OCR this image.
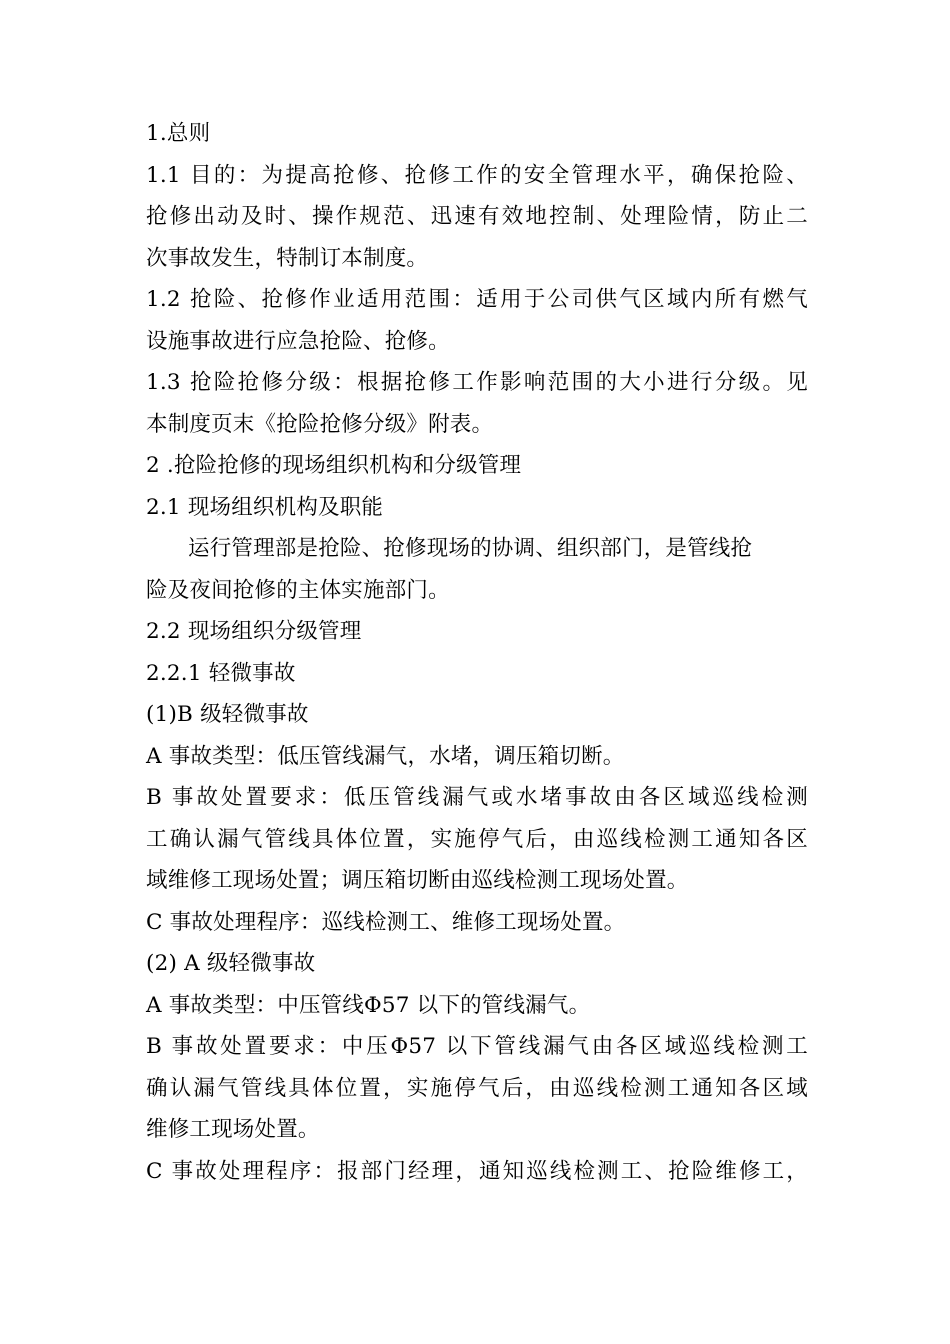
1.总则
1.1 目的：为提高抢修、抢修工作的安全管理水平，确保抢险、
抢修出动及时、操作规范、迅速有效地控制、处理险情，防止二
次事故发生，特制订本制度。
1.2 抢险、抢修作业适用范围：适用于公司供气区域内所有燃气
设施事故进行应急抢险、抢修。
1.3 抢险抢修分级：根据抢修工作影响范围的大小进行分级。见
本制度页末《抢险抢修分级》附表。
2 .抢险抢修的现场组织机构和分级管理
2.1 现场组织机构及职能
运行管理部是抢险、抢修现场的协调、组织部门，是管线抢
险及夜间抢修的主体实施部门。
2.2 现场组织分级管理
2.2.1 轻微事故
(1)B 级轻微事故
A 事故类型：低压管线漏气，水堵，调压箱切断。
B 事故处置要求：低压管线漏气或水堵事故由各区域巡线检测
工确认漏气管线具体位置，实施停气后，由巡线检测工通知各区
域维修工现场处置；调压箱切断由巡线检测工现场处置。
C 事故处理程序：巡线检测工、维修工现场处置。
(2) A 级轻微事故
A 事故类型：中压管线Φ57 以下的管线漏气。
B 事故处置要求：中压Φ57 以下管线漏气由各区域巡线检测工
确认漏气管线具体位置，实施停气后，由巡线检测工通知各区域
维修工现场处置。
C 事故处理程序：报部门经理，通知巡线检测工、抢险维修工，
